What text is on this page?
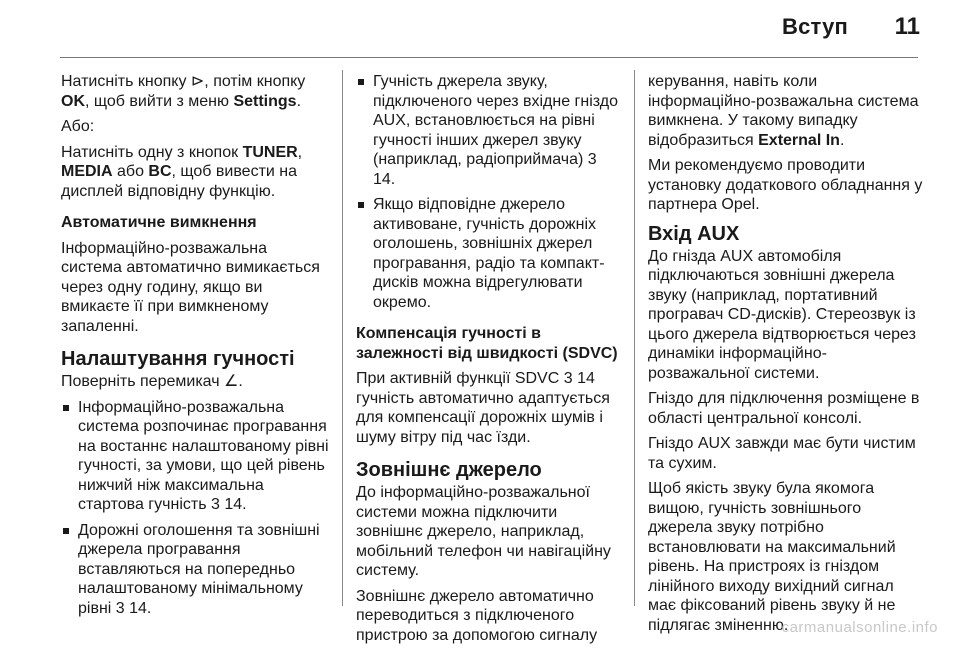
Вступ 11

Натисніть кнопку ⊳, потім кнопку OK, щоб вийти з меню Settings.

Або:

Натисніть одну з кнопок TUNER, MEDIA або BC, щоб вивести на дисплей відповідну функцію.

Автоматичне вимкнення

Інформаційно-розважальна система автоматично вимикається через одну годину, якщо ви вмикаєте її при вимкненому запаленні.

Налаштування гучності

Поверніть перемикач ∠.

Інформаційно-розважальна система розпочинає програвання на востаннє налаштованому рівні гучності, за умови, що цей рівень нижчий ніж максимальна стартова гучність 3 14.
Дорожні оголошення та зовнішні джерела програвання вставляються на попередньо налаштованому мінімальному рівні 3 14.
Гучність джерела звуку, підключеного через вхідне гніздо AUX, встановлюється на рівні гучності інших джерел звуку (наприклад, радіоприймача) 3 14.
Якщо відповідне джерело активоване, гучність дорожніх оголошень, зовнішніх джерел програвання, радіо та компакт-дисків можна відрегулювати окремо.

Компенсація гучності в залежності від швидкості (SDVC)

При активній функції SDVC 3 14 гучність автоматично адаптується для компенсації дорожніх шумів і шуму вітру під час їзди.

Зовнішнє джерело

До інформаційно-розважальної системи можна підключити зовнішнє джерело, наприклад, мобільний телефон чи навігаційну систему.

Зовнішнє джерело автоматично переводиться з підключеного пристрою за допомогою сигналу

керування, навіть коли інформаційно-розважальна система вимкнена. У такому випадку відобразиться External In.

Ми рекомендуємо проводити установку додаткового обладнання у партнера Opel.

Вхід AUX

До гнізда AUX автомобіля підключаються зовнішні джерела звуку (наприклад, портативний програвач CD-дисків). Стереозвук із цього джерела відтворюється через динаміки інформаційно-розважальної системи.

Гніздо для підключення розміщене в області центральної консолі.

Гніздо AUX завжди має бути чистим та сухим.

Щоб якість звуку була якомога вищою, гучність зовнішнього джерела звуку потрібно встановлювати на максимальний рівень. На пристроях із гніздом лінійного виходу вихідний сигнал має фіксований рівень звуку й не підлягає зміненню.

carmanualsonline.info
